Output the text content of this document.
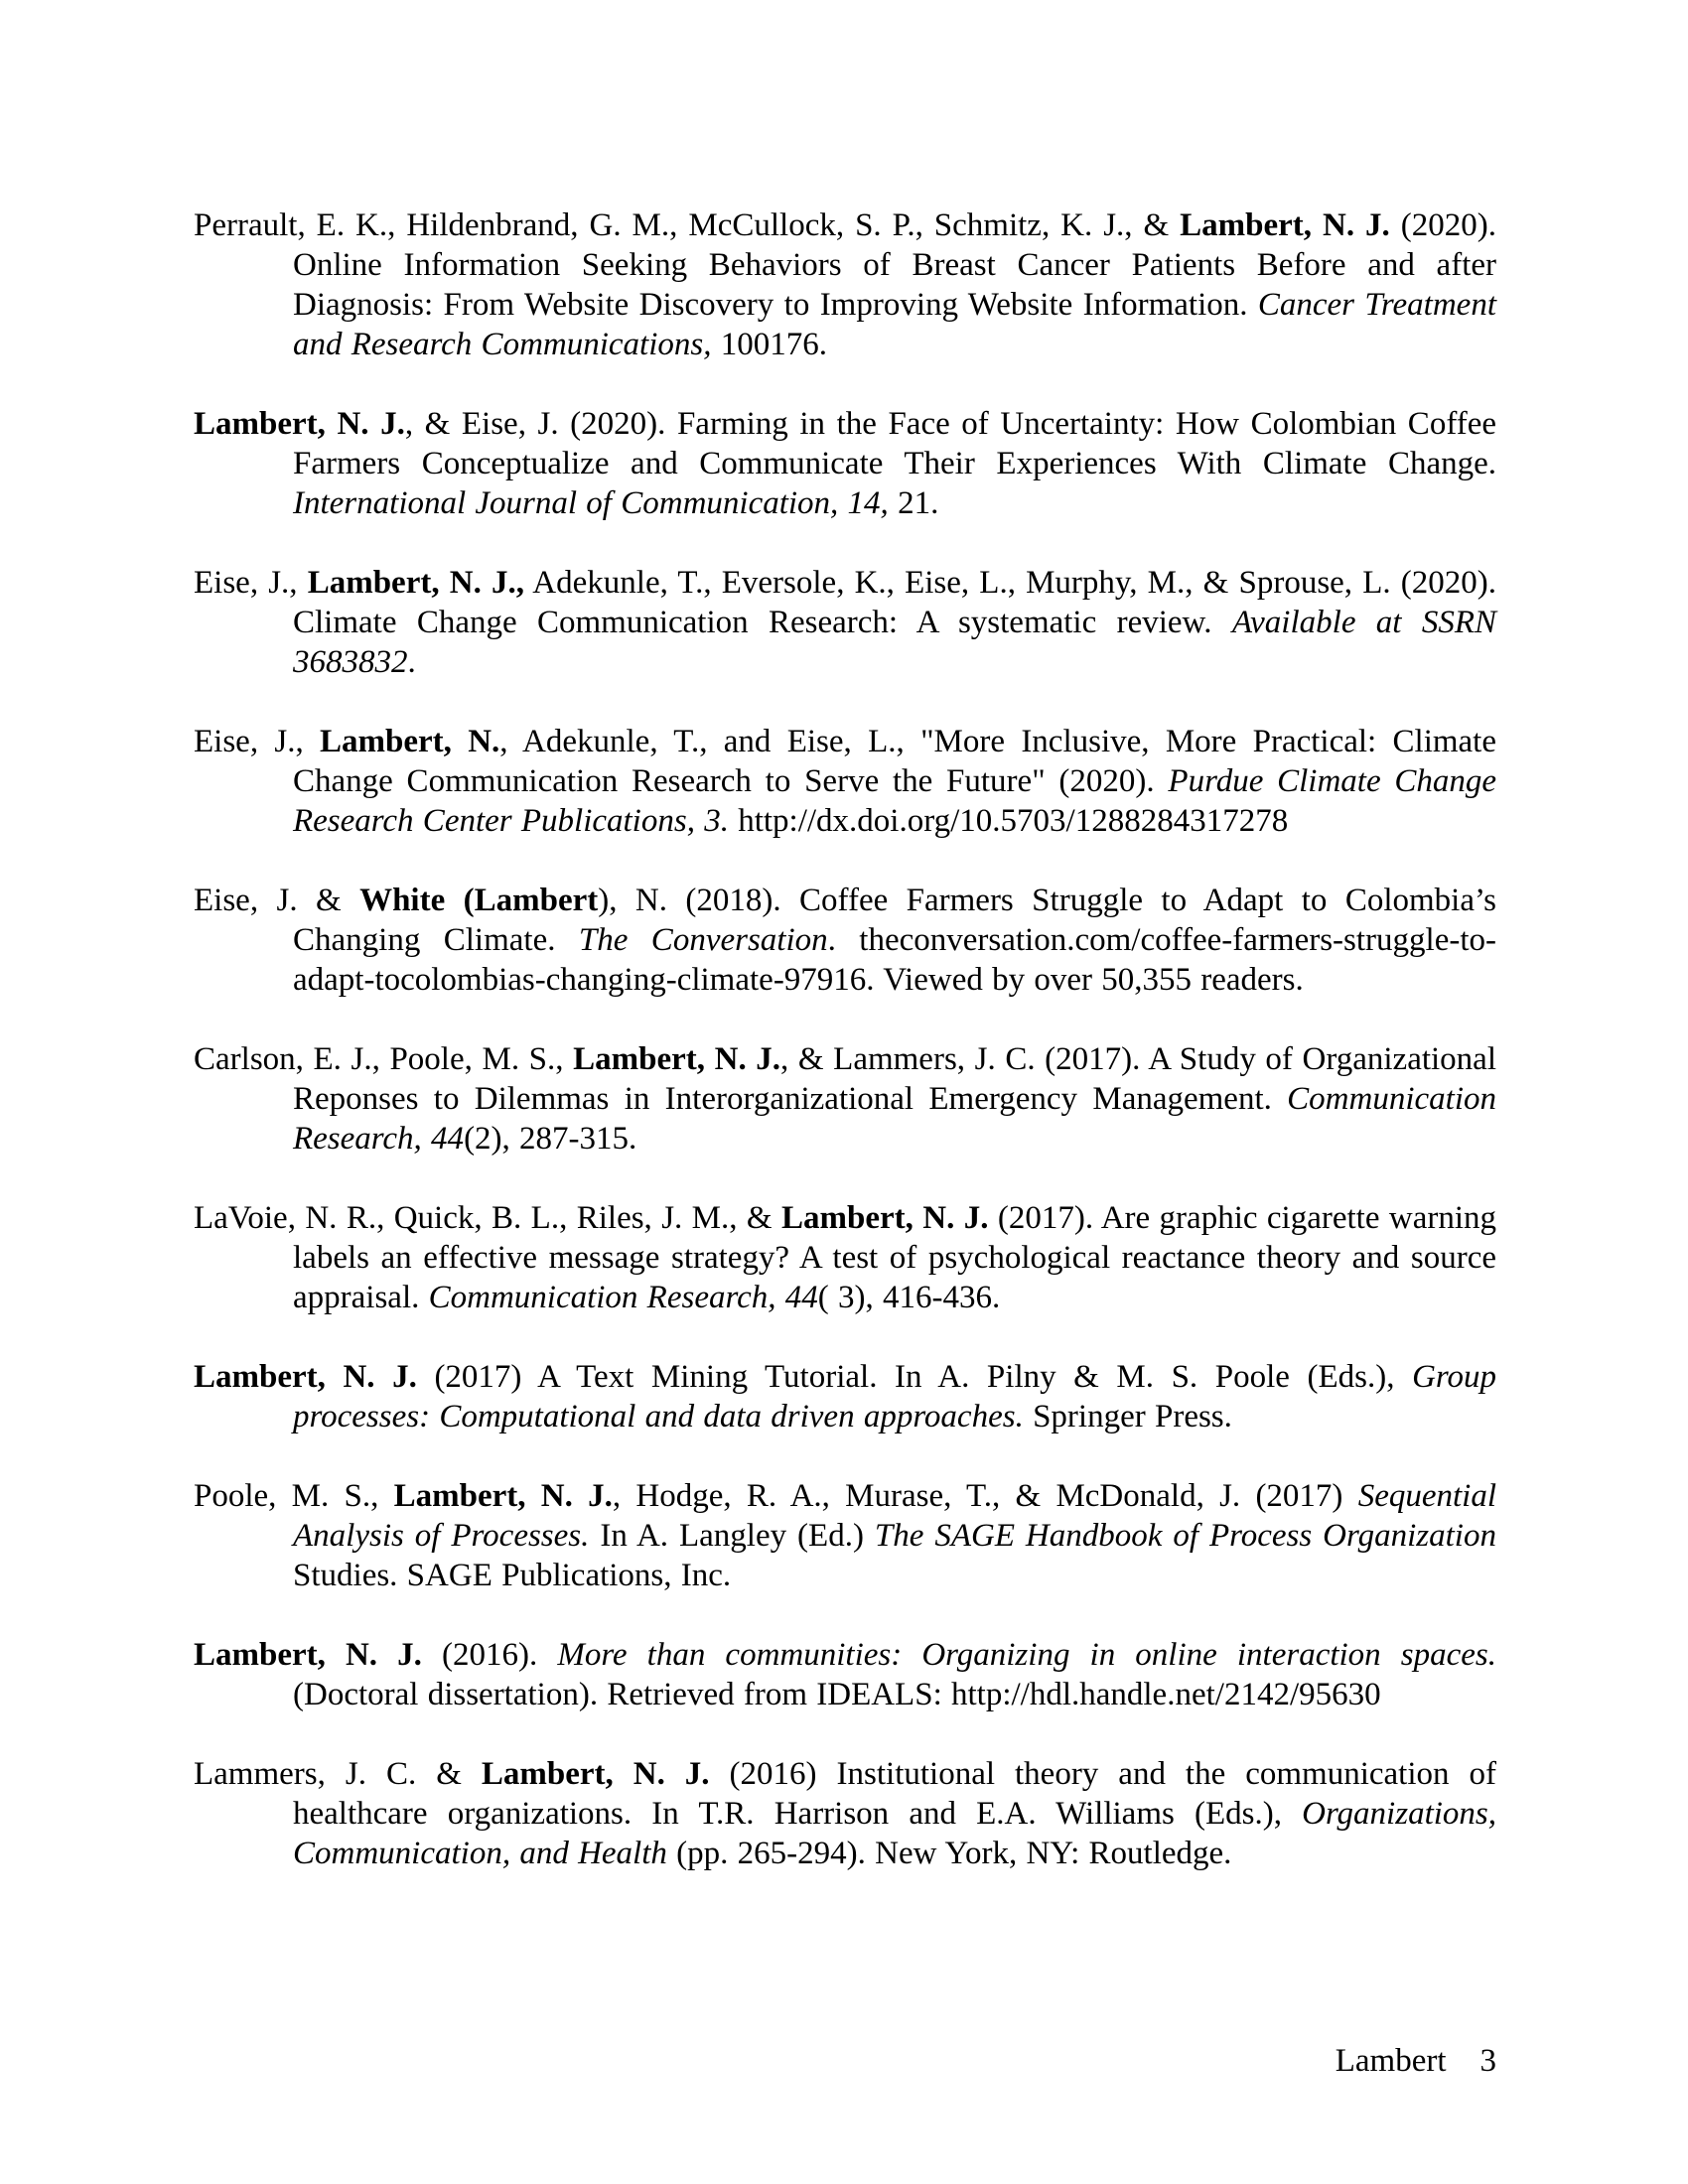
Perrault, E. K., Hildenbrand, G. M., McCullock, S. P., Schmitz, K. J., & Lambert, N. J. (2020). Online Information Seeking Behaviors of Breast Cancer Patients Before and after Diagnosis: From Website Discovery to Improving Website Information. Cancer Treatment and Research Communications, 100176.

Lambert, N. J., & Eise, J. (2020). Farming in the Face of Uncertainty: How Colombian Coffee Farmers Conceptualize and Communicate Their Experiences With Climate Change. International Journal of Communication, 14, 21.

Eise, J., Lambert, N. J., Adekunle, T., Eversole, K., Eise, L., Murphy, M., & Sprouse, L. (2020). Climate Change Communication Research: A systematic review. Available at SSRN 3683832.

Eise, J., Lambert, N., Adekunle, T., and Eise, L., "More Inclusive, More Practical: Climate Change Communication Research to Serve the Future" (2020). Purdue Climate Change Research Center Publications, 3. http://dx.doi.org/10.5703/1288284317278

Eise, J. & White (Lambert), N. (2018). Coffee Farmers Struggle to Adapt to Colombia’s Changing Climate. The Conversation. theconversation.com/coffee-farmers-struggle-to-adapt-tocolombias-changing-climate-97916. Viewed by over 50,355 readers.

Carlson, E. J., Poole, M. S., Lambert, N. J., & Lammers, J. C. (2017). A Study of Organizational Reponses to Dilemmas in Interorganizational Emergency Management. Communication Research, 44(2), 287-315.

LaVoie, N. R., Quick, B. L., Riles, J. M., & Lambert, N. J. (2017). Are graphic cigarette warning labels an effective message strategy? A test of psychological reactance theory and source appraisal. Communication Research, 44( 3), 416-436.

Lambert, N. J. (2017) A Text Mining Tutorial. In A. Pilny & M. S. Poole (Eds.), Group processes: Computational and data driven approaches. Springer Press.

Poole, M. S., Lambert, N. J., Hodge, R. A., Murase, T., & McDonald, J. (2017) Sequential Analysis of Processes. In A. Langley (Ed.) The SAGE Handbook of Process Organization Studies. SAGE Publications, Inc.

Lambert, N. J. (2016). More than communities: Organizing in online interaction spaces. (Doctoral dissertation). Retrieved from IDEALS: http://hdl.handle.net/2142/95630

Lammers, J. C. & Lambert, N. J. (2016) Institutional theory and the communication of healthcare organizations. In T.R. Harrison and E.A. Williams (Eds.), Organizations, Communication, and Health (pp. 265-294). New York, NY: Routledge.

Lambert 3
